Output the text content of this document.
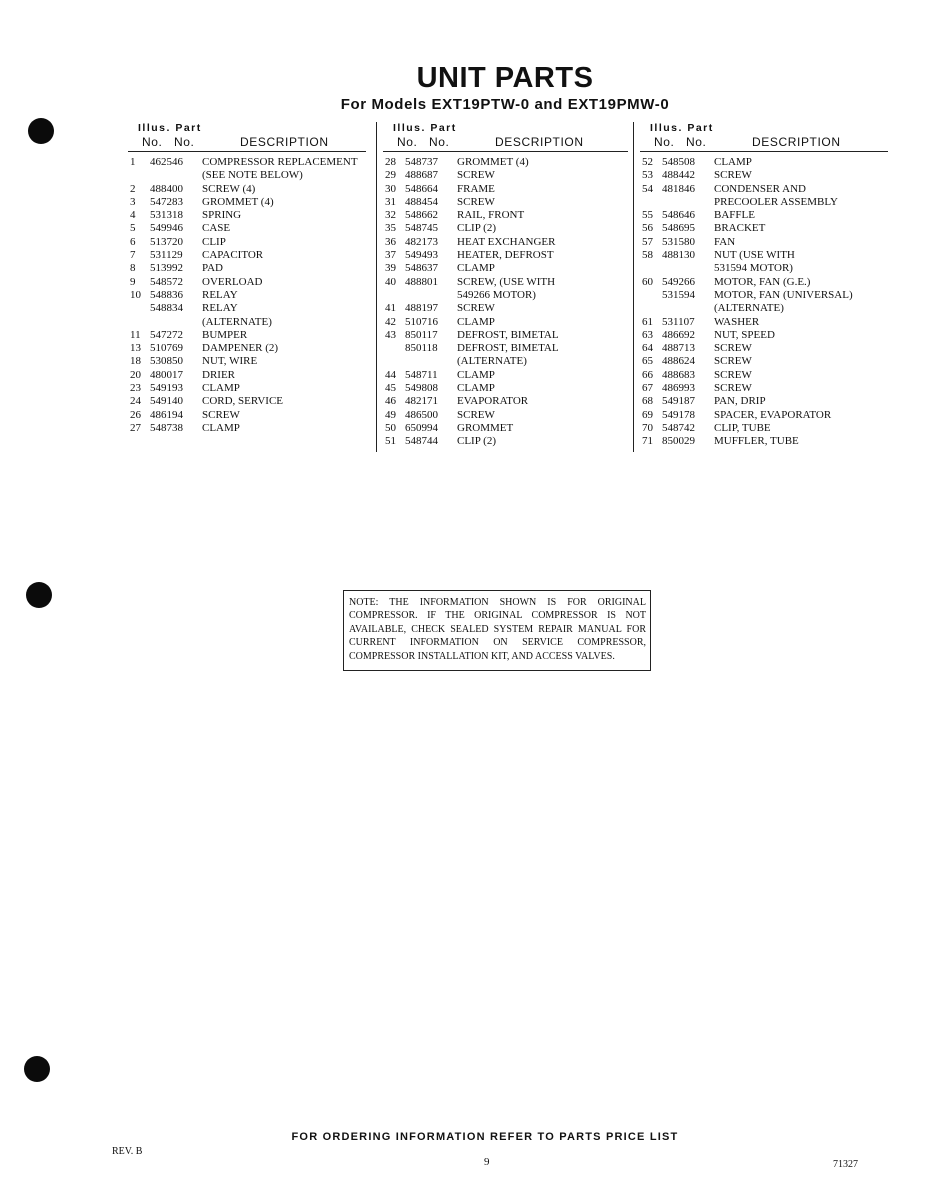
UNIT PARTS
For Models EXT19PTW-0 and EXT19PMW-0
Illus. Part
No. No.	DESCRIPTION
1 462546 COMPRESSOR REPLACEMENT
(SEE NOTE BELOW)
2 488400 SCREW (4)
3 547283 GROMMET (4)
4 531318 SPRING
5 549946 CASE
6 513720 CLIP
7 531129 CAPACITOR
8 513992 PAD
9 548572 OVERLOAD
10 548836 RELAY
548834 RELAY
(ALTERNATE)
11 547272 BUMPER
13 510769 DAMPENER (2)
18 530850 NUT, WIRE
20 480017 DRIER
23 549193 CLAMP
24 549140 CORD, SERVICE
26 486194 SCREW
27 548738 CLAMP
Illus. Part
No. No.	DESCRIPTION
28 548737 GROMMET (4)
29 488687 SCREW
30 548664 FRAME
31 488454 SCREW
32 548662 RAIL, FRONT
35 548745 CLIP (2)
36 482173 HEAT EXCHANGER
37 549493 HEATER, DEFROST
39 548637 CLAMP
40 488801 SCREW, (USE WITH
549266 MOTOR)
41 488197 SCREW
42 510716 CLAMP
43 850117 DEFROST, BIMETAL
850118 DEFROST, BIMETAL
(ALTERNATE)
44 548711 CLAMP
45 549808 CLAMP
46 482171 EVAPORATOR
49 486500 SCREW
50 650994 GROMMET
51 548744 CLIP (2)
Illus. Part
No. No.	DESCRIPTION
52 548508 CLAMP
53 488442 SCREW
54 481846 CONDENSER AND
PRECOOLER ASSEMBLY
55 548646 BAFFLE
56 548695 BRACKET
57 531580 FAN
58 488130 NUT (USE WITH
531594 MOTOR)
60 549266 MOTOR, FAN (G.E.)
531594 MOTOR, FAN (UNIVERSAL)
(ALTERNATE)
61 531107 WASHER
63 486692 NUT, SPEED
64 488713 SCREW
65 488624 SCREW
66 488683 SCREW
67 486993 SCREW
68 549187 PAN, DRIP
69 549178 SPACER, EVAPORATOR
70 548742 CLIP, TUBE
71 850029 MUFFLER, TUBE
NOTE: THE INFORMATION SHOWN IS FOR ORIGINAL COMPRESSOR. IF THE ORIGINAL COMPRESSOR IS NOT AVAILABLE, CHECK SEALED SYSTEM REPAIR MANUAL FOR CURRENT INFORMATION ON SERVICE COMPRESSOR, COMPRESSOR INSTALLATION KIT, AND ACCESS VALVES.
FOR ORDERING INFORMATION REFER TO PARTS PRICE LIST
REV. B
9	71327
